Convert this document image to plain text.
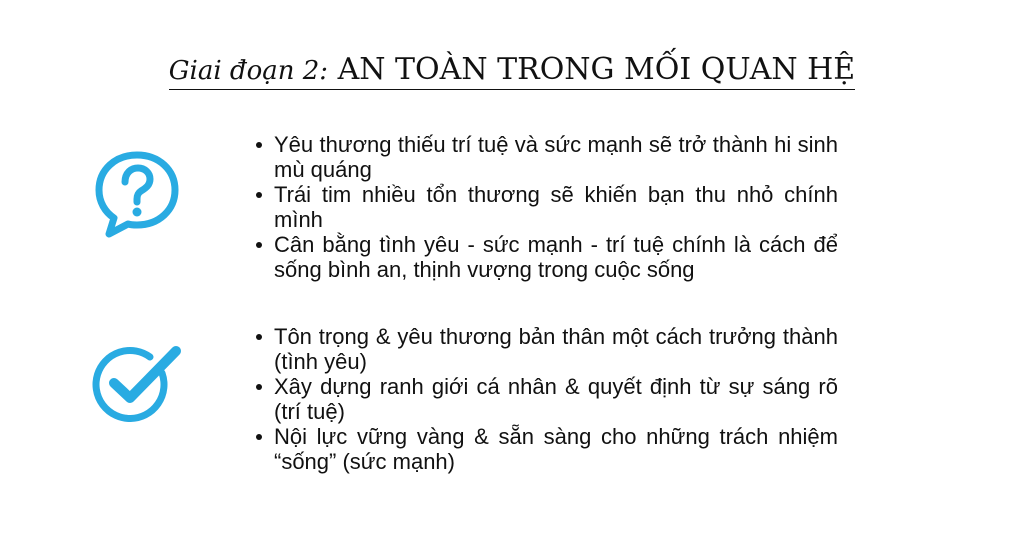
Giai đoạn 2: AN TOÀN TRONG MỐI QUAN HỆ
Yêu thương thiếu trí tuệ và sức mạnh sẽ trở thành hi sinh mù quáng
Trái tim nhiều tổn thương sẽ khiến bạn thu nhỏ chính mình
Cân bằng tình yêu - sức mạnh - trí tuệ chính là cách để sống bình an, thịnh vượng trong cuộc sống
Tôn trọng & yêu thương bản thân một cách trưởng thành (tình yêu)
Xây dựng ranh giới cá nhân & quyết định từ sự sáng rõ (trí tuệ)
Nội lực vững vàng & sẵn sàng cho những trách nhiệm “sống” (sức mạnh)
